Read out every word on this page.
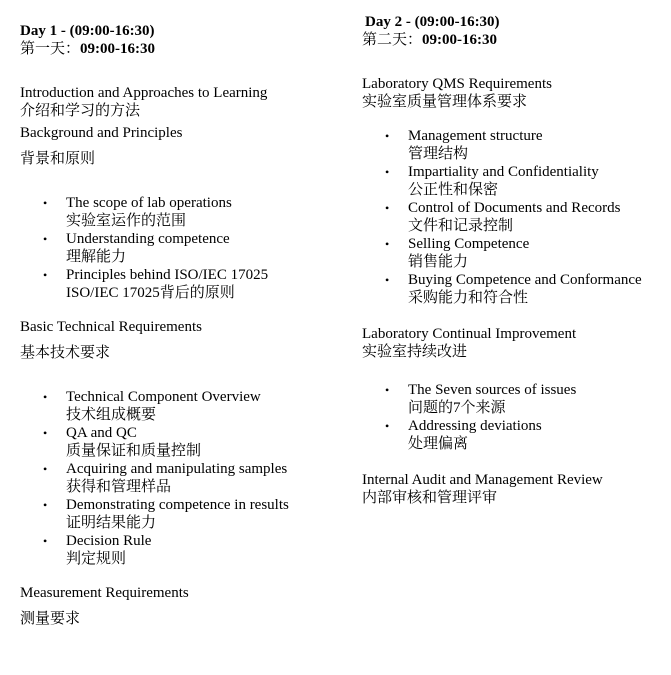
Day 1 - (09:00-16:30)
第一天：09:00-16:30
Introduction and Approaches to Learning
介绍和学习的方法
Background and Principles
背景和原则
• The scope of lab operations
实验室运作的范围
• Understanding competence
理解能力
• Principles behind ISO/IEC 17025
ISO/IEC 17025背后的原则
Basic Technical Requirements
基本技术要求
• Technical Component Overview
技术组成概要
• QA and QC
质量保证和质量控制
• Acquiring and manipulating samples
获得和管理样品
• Demonstrating competence in results
证明结果能力
• Decision Rule
判定规则
Measurement Requirements
测量要求
Day 2 - (09:00-16:30)
第二天：09:00-16:30
Laboratory QMS Requirements
实验室质量管理体系要求
• Management structure
管理结构
• Impartiality and Confidentiality
公正性和保密
• Control of Documents and Records
文件和记录控制
• Selling Competence
销售能力
• Buying Competence and Conformance
采购能力和符合性
Laboratory Continual Improvement
实验室持续改进
• The Seven sources of issues
问题的7个来源
• Addressing deviations
处理偏离
Internal Audit and Management Review
内部审核和管理评审
